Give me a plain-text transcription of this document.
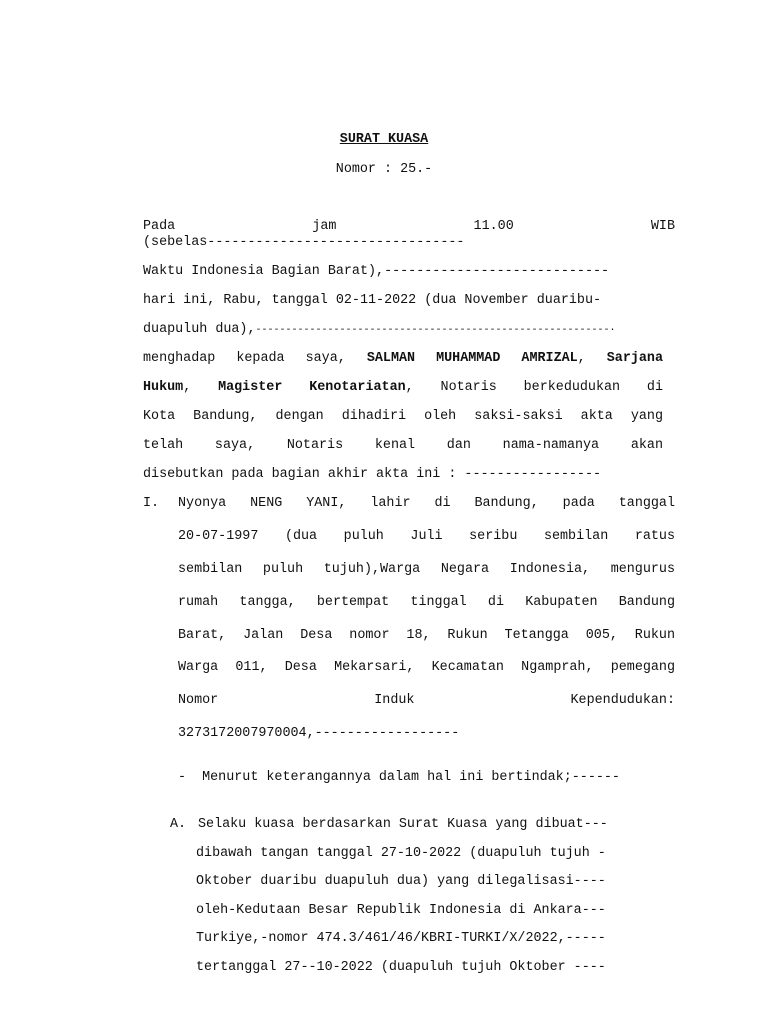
SURAT KUASA
Nomor : 25.-
Pada	jam	11.00	WIB
(sebelas--------------------------------
Waktu Indonesia Bagian Barat),----------------------------
hari ini, Rabu, tanggal 02-11-2022 (dua November duaribu-
duapuluh dua),-----------------------------------------------------------·
menghadap kepada saya, SALMAN MUHAMMAD AMRIZAL, Sarjana
Hukum, Magister Kenotariatan, Notaris berkedudukan di
Kota Bandung, dengan dihadiri oleh saksi-saksi akta yang
telah saya, Notaris kenal dan nama-namanya akan
disebutkan pada bagian akhir akta ini : -----------------
I. Nyonya NENG YANI, lahir di Bandung, pada tanggal
20-07-1997 (dua puluh Juli seribu sembilan ratus
sembilan puluh tujuh),Warga Negara Indonesia, mengurus
rumah tangga, bertempat tinggal di Kabupaten Bandung
Barat, Jalan Desa nomor 18, Rukun Tetangga 005, Rukun
Warga 011, Desa Mekarsari, Kecamatan Ngamprah, pemegang
Nomor Induk Kependudukan:
3273172007970004,------------------
-  Menurut keterangannya dalam hal ini bertindak;------
A. Selaku kuasa berdasarkan Surat Kuasa yang dibuat---
dibawah tangan tanggal 27-10-2022 (duapuluh tujuh -
Oktober duaribu duapuluh dua) yang dilegalisasi----
oleh-Kedutaan Besar Republik Indonesia di Ankara---
Turkiye,-nomor 474.3/461/46/KBRI-TURKI/X/2022,-----
tertanggal 27--10-2022 (duapuluh tujuh Oktober ----
